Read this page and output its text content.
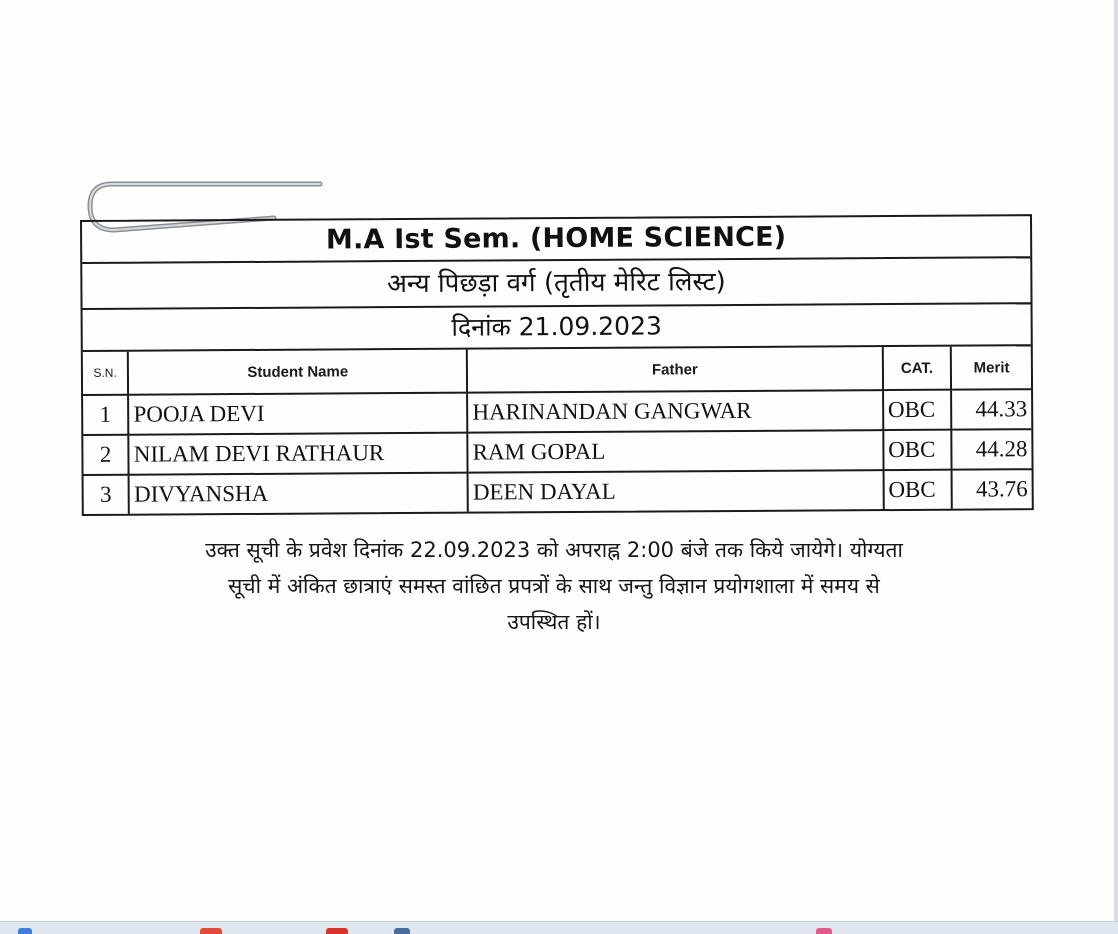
M.A Ist Sem. (HOME SCIENCE)
अन्य पिछड़ा वर्ग (तृतीय मेरिट लिस्ट)
दिनांक 21.09.2023
S.N.	Student Name	Father	CAT.	Merit
1	POOJA DEVI	HARINANDAN GANGWAR	OBC	44.33
2	NILAM DEVI RATHAUR	RAM GOPAL	OBC	44.28
3	DIVYANSHA	DEEN DAYAL	OBC	43.76
उक्त सूची के प्रवेश दिनांक 22.09.2023 को अपराह्न 2:00 बंजे तक किये जायेगे। योग्यता
सूची में अंकित छात्राएं समस्त वांछित प्रपत्रों के साथ जन्तु विज्ञान प्रयोगशाला में समय से
उपस्थित हों।
